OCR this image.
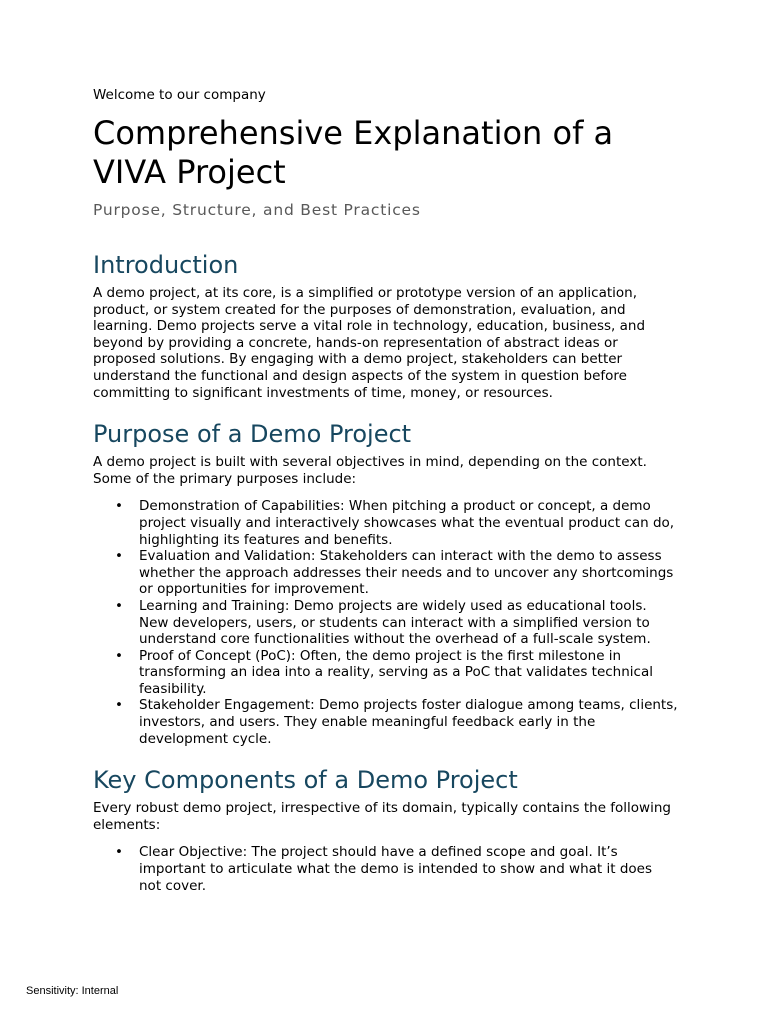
Welcome to our company
Comprehensive Explanation of a VIVA Project
Purpose, Structure, and Best Practices
Introduction

A demo project, at its core, is a simplified or prototype version of an application, product, or system created for the purposes of demonstration, evaluation, and learning. Demo projects serve a vital role in technology, education, business, and beyond by providing a concrete, hands-on representation of abstract ideas or proposed solutions. By engaging with a demo project, stakeholders can better understand the functional and design aspects of the system in question before committing to significant investments of time, money, or resources.

Purpose of a Demo Project

A demo project is built with several objectives in mind, depending on the context. Some of the primary purposes include:

• Demonstration of Capabilities: When pitching a product or concept, a demo project visually and interactively showcases what the eventual product can do, highlighting its features and benefits.
• Evaluation and Validation: Stakeholders can interact with the demo to assess whether the approach addresses their needs and to uncover any shortcomings or opportunities for improvement.
• Learning and Training: Demo projects are widely used as educational tools. New developers, users, or students can interact with a simplified version to understand core functionalities without the overhead of a full-scale system.
• Proof of Concept (PoC): Often, the demo project is the first milestone in transforming an idea into a reality, serving as a PoC that validates technical feasibility.
• Stakeholder Engagement: Demo projects foster dialogue among teams, clients, investors, and users. They enable meaningful feedback early in the development cycle.
Key Components of a Demo Project

Every robust demo project, irrespective of its domain, typically contains the following elements:

• Clear Objective: The project should have a defined scope and goal. It’s important to articulate what the demo is intended to show and what it does not cover.
Sensitivity: Internal
